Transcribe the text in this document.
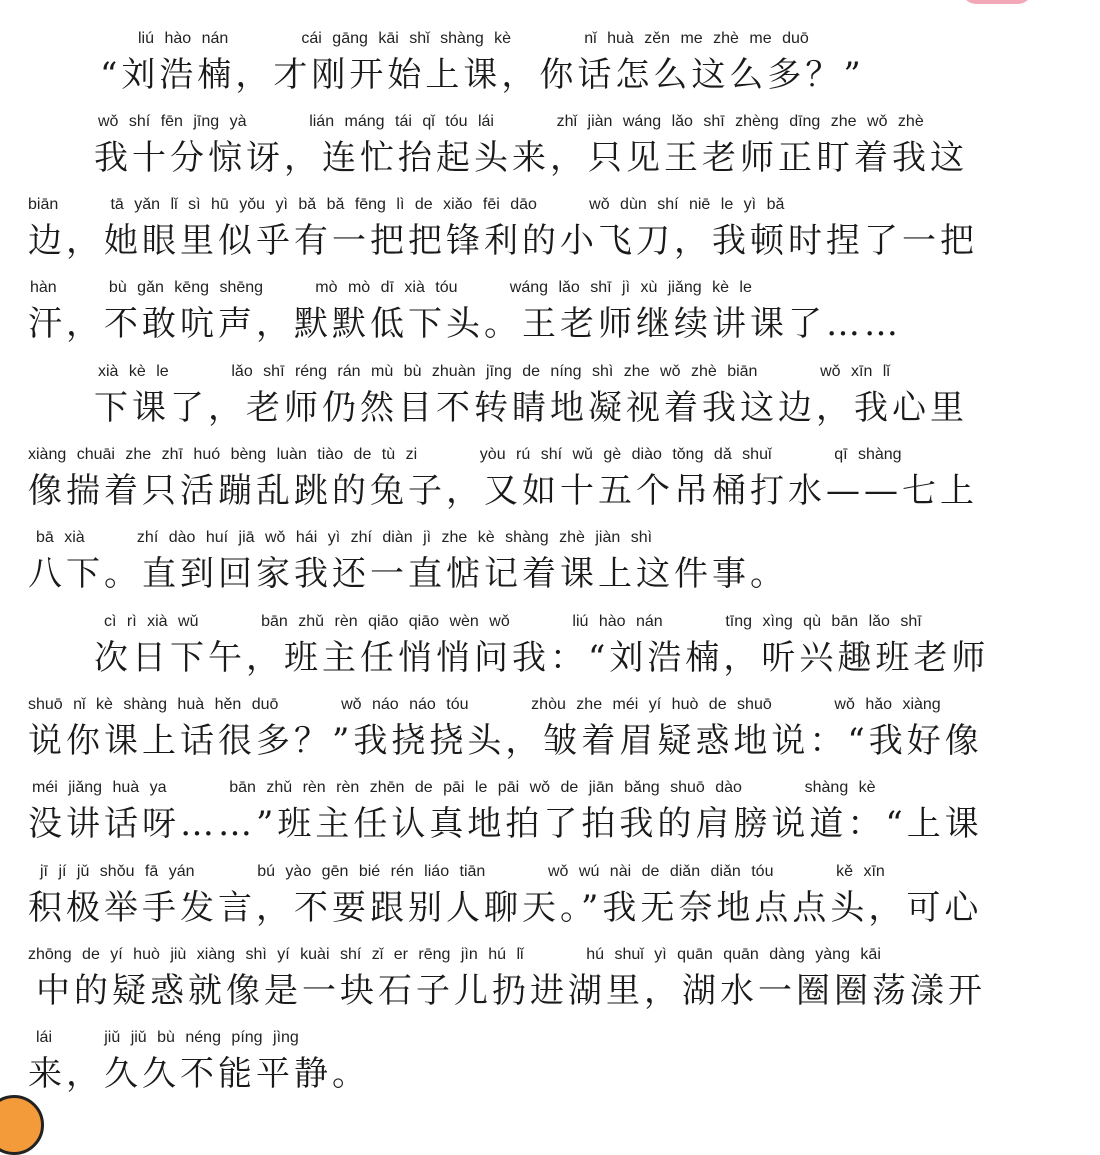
liú hào nán       cái gāng kāi shǐ shàng kè       nǐ huà zěn me zhè me duō
“刘浩楠，才刚开始上课，你话怎么这么多？”
wǒ shí fēn jīng yà      lián máng tái qǐ tóu lái      zhǐ jiàn wáng lǎo shī zhèng dīng zhe wǒ zhè
我十分惊讶，连忙抬起头来，只见王老师正盯着我这
biān     tā yǎn lǐ sì hū yǒu yì bǎ bǎ fēng lì de xiǎo fēi dāo     wǒ dùn shí niē le yì bǎ
边，她眼里似乎有一把把锋利的小飞刀，我顿时捏了一把
hàn     bù gǎn kēng shēng     mò mò dī xià tóu     wáng lǎo shī jì xù jiǎng kè le
汗，不敢吭声，默默低下头。王老师继续讲课了……
xià kè le      lǎo shī réng rán mù bù zhuàn jīng de níng shì zhe wǒ zhè biān      wǒ xīn lǐ
下课了，老师仍然目不转睛地凝视着我这边，我心里
xiàng chuāi zhe zhī huó bèng luàn tiào de tù zi      yòu rú shí wǔ gè diào tǒng dǎ shuǐ      qī shàng
像揣着只活蹦乱跳的兔子，又如十五个吊桶打水——七上
bā xià     zhí dào huí jiā wǒ hái yì zhí diàn jì zhe kè shàng zhè jiàn shì
八下。直到回家我还一直惦记着课上这件事。
cì rì xià wǔ      bān zhǔ rèn qiāo qiāo wèn wǒ      liú hào nán      tīng xìng qù bān lǎo shī
次日下午，班主任悄悄问我：“刘浩楠，听兴趣班老师
shuō nǐ kè shàng huà hěn duō      wǒ náo náo tóu      zhòu zhe méi yí huò de shuō      wǒ hǎo xiàng
说你课上话很多？”我挠挠头，皱着眉疑惑地说：“我好像
méi jiǎng huà ya      bān zhǔ rèn rèn zhēn de pāi le pāi wǒ de jiān bǎng shuō dào      shàng kè
没讲话呀……”班主任认真地拍了拍我的肩膀说道：“上课
jī jí jǔ shǒu fā yán      bú yào gēn bié rén liáo tiān      wǒ wú nài de diǎn diǎn tóu      kě xīn
积极举手发言，不要跟别人聊天。”我无奈地点点头，可心
zhōng de yí huò jiù xiàng shì yí kuài shí zǐ er rēng jìn hú lǐ      hú shuǐ yì quān quān dàng yàng kāi
中的疑惑就像是一块石子儿扔进湖里，湖水一圈圈荡漾开
lái     jiǔ jiǔ bù néng píng jìng
来，久久不能平静。
